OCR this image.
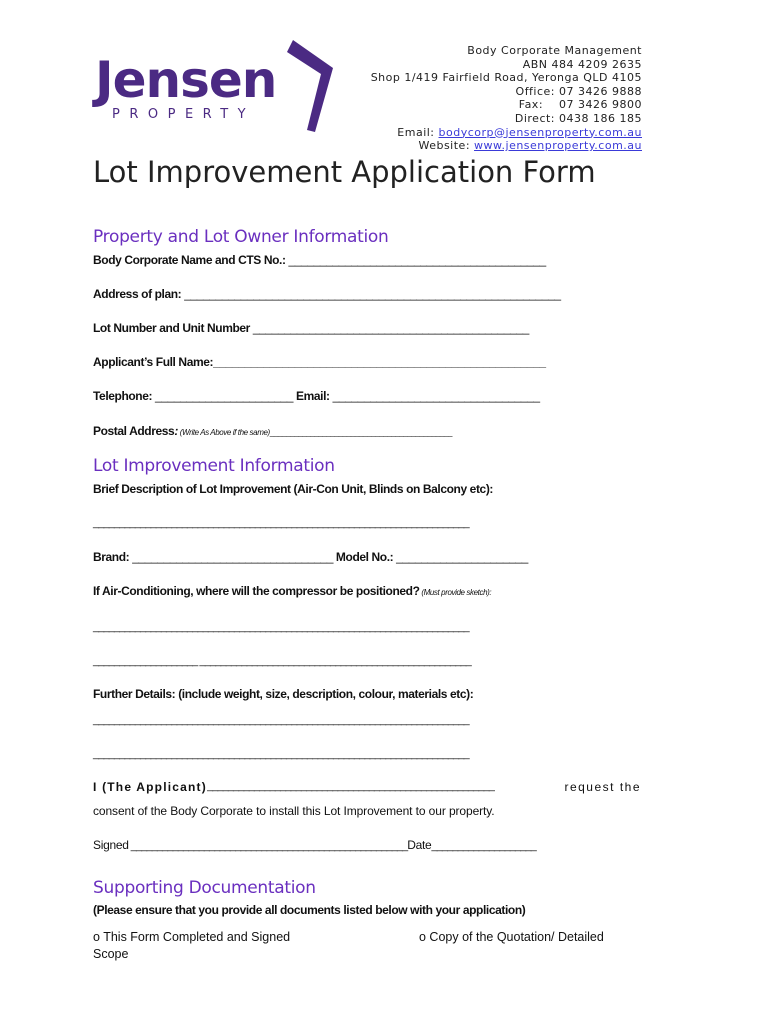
Jensen
PROPERTY
Body Corporate Management
ABN 484 4209 2635
Shop 1/419 Fairfield Road, Yeronga QLD 4105
Office: 07 3426 9888
Fax:    07 3426 9800
Direct: 0438 186 185
Email: bodycorp@jensenproperty.com.au
Website: www.jensenproperty.com.au
Lot Improvement Application Form
Property and Lot Owner Information
Body Corporate Name and CTS No.: _________________________________________
Address of plan: ____________________________________________________________
Lot Number and Unit Number ____________________________________________
Applicant’s Full Name:_____________________________________________________
Telephone: ______________________ Email: _________________________________
Postal Address: (Write As Above if the same)_____________________________________________
Lot Improvement Information
Brief Description of Lot Improvement (Air-Con Unit, Blinds on Balcony etc):
________________________________________________________________________
Brand: ________________________________ Model No.: _____________________
If Air-Conditioning, where will the compressor be positioned? (Must provide sketch):
________________________________________________________________________
____________________ ____________________________________________________
Further Details: (include weight, size, description, colour, materials etc):
________________________________________________________________________
________________________________________________________________________
I (The Applicant) _______________________________________________________	request the
consent of the Body Corporate to install this Lot Improvement to our property.
Signed _____________________________________________________Date____________________
Supporting Documentation
(Please ensure that you provide all documents listed below with your application)
o This Form Completed and Signed Scope
o Copy of the Quotation/ Detailed
